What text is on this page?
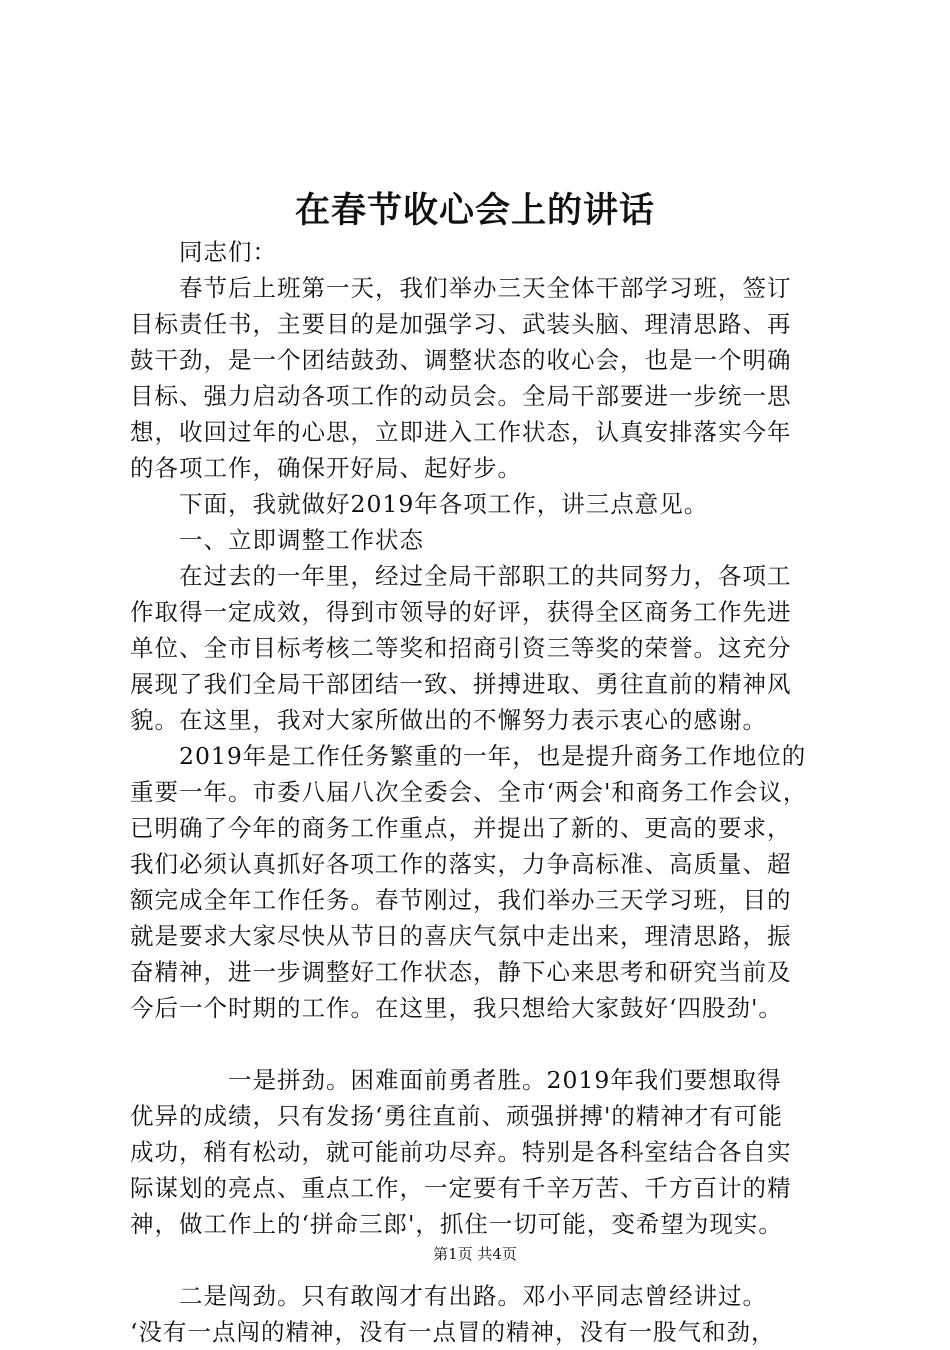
在春节收心会上的讲话
　　同志们：
　　春节后上班第一天，我们举办三天全体干部学习班，签订
目标责任书，主要目的是加强学习、武装头脑、理清思路、再
鼓干劲，是一个团结鼓劲、调整状态的收心会，也是一个明确
目标、强力启动各项工作的动员会。全局干部要进一步统一思
想，收回过年的心思，立即进入工作状态，认真安排落实今年
的各项工作，确保开好局、起好步。
　　下面，我就做好2019年各项工作，讲三点意见。
　　一、立即调整工作状态
　　在过去的一年里，经过全局干部职工的共同努力，各项工
作取得一定成效，得到市领导的好评，获得全区商务工作先进
单位、全市目标考核二等奖和招商引资三等奖的荣誉。这充分
展现了我们全局干部团结一致、拼搏进取、勇往直前的精神风
貌。在这里，我对大家所做出的不懈努力表示衷心的感谢。
　　2019年是工作任务繁重的一年，也是提升商务工作地位的
重要一年。市委八届八次全委会、全市‘两会'和商务工作会议，
已明确了今年的商务工作重点，并提出了新的、更高的要求，
我们必须认真抓好各项工作的落实，力争高标准、高质量、超
额完成全年工作任务。春节刚过，我们举办三天学习班，目的
就是要求大家尽快从节日的喜庆气氛中走出来，理清思路，振
奋精神，进一步调整好工作状态，静下心来思考和研究当前及
今后一个时期的工作。在这里，我只想给大家鼓好‘四股劲'。
　　　　一是拼劲。困难面前勇者胜。2019年我们要想取得
优异的成绩，只有发扬‘勇往直前、顽强拼搏'的精神才有可能
成功，稍有松动，就可能前功尽弃。特别是各科室结合各自实
际谋划的亮点、重点工作，一定要有千辛万苦、千方百计的精
神，做工作上的‘拼命三郎'，抓住一切可能，变希望为现实。
　　二是闯劲。只有敢闯才有出路。邓小平同志曾经讲过。
‘没有一点闯的精神，没有一点冒的精神，没有一股气和劲，
第1页 共4页
